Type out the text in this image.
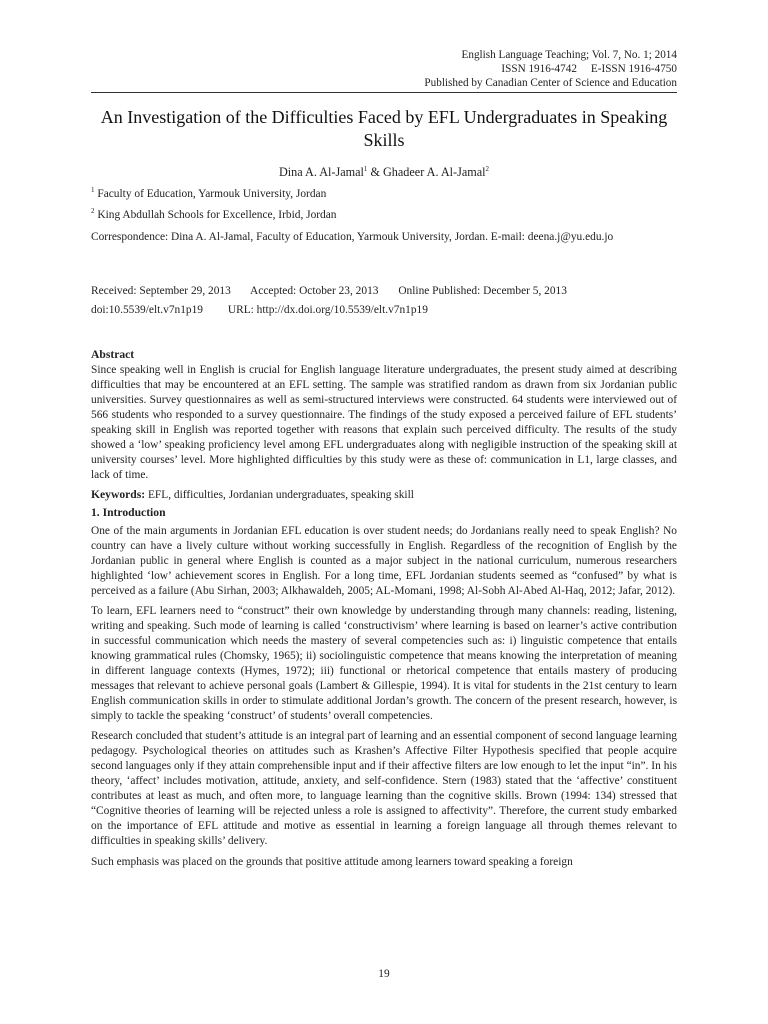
English Language Teaching; Vol. 7, No. 1; 2014
ISSN 1916-4742     E-ISSN 1916-4750
Published by Canadian Center of Science and Education
An Investigation of the Difficulties Faced by EFL Undergraduates in Speaking Skills
Dina A. Al-Jamal$^1$ & Ghadeer A. Al-Jamal$^2$
$^1$ Faculty of Education, Yarmouk University, Jordan
$^2$ King Abdullah Schools for Excellence, Irbid, Jordan
Correspondence: Dina A. Al-Jamal, Faculty of Education, Yarmouk University, Jordan. E-mail: deena.j@yu.edu.jo
Received: September 29, 2013 Accepted: October 23, 2013 Online Published: December 5, 2013
doi:10.5539/elt.v7n1p19 URL: http://dx.doi.org/10.5539/elt.v7n1p19
Abstract

Since speaking well in English is crucial for English language literature undergraduates, the present study aimed at describing difficulties that may be encountered at an EFL setting. The sample was stratified random as drawn from six Jordanian public universities. Survey questionnaires as well as semi-structured interviews were constructed. 64 students were interviewed out of 566 students who responded to a survey questionnaire. The findings of the study exposed a perceived failure of EFL students’ speaking skill in English was reported together with reasons that explain such perceived difficulty. The results of the study showed a ‘low’ speaking proficiency level among EFL undergraduates along with negligible instruction of the speaking skill at university courses’ level. More highlighted difficulties by this study were as these of: communication in L1, large classes, and lack of time.

Keywords: EFL, difficulties, Jordanian undergraduates, speaking skill
1. Introduction

One of the main arguments in Jordanian EFL education is over student needs; do Jordanians really need to speak English? No country can have a lively culture without working successfully in English. Regardless of the recognition of English by the Jordanian public in general where English is counted as a major subject in the national curriculum, numerous researchers highlighted ‘low’ achievement scores in English. For a long time, EFL Jordanian students seemed as “confused” by what is perceived as a failure (Abu Sirhan, 2003; Alkhawaldeh, 2005; AL-Momani, 1998; Al-Sobh Al-Abed Al-Haq, 2012; Jafar, 2012).

To learn, EFL learners need to “construct” their own knowledge by understanding through many channels: reading, listening, writing and speaking. Such mode of learning is called ‘constructivism’ where learning is based on learner’s active contribution in successful communication which needs the mastery of several competencies such as: i) linguistic competence that entails knowing grammatical rules (Chomsky, 1965); ii) sociolinguistic competence that means knowing the interpretation of meaning in different language contexts (Hymes, 1972); iii) functional or rhetorical competence that entails mastery of producing messages that relevant to achieve personal goals (Lambert & Gillespie, 1994). It is vital for students in the 21st century to learn English communication skills in order to stimulate additional Jordan’s growth. The concern of the present research, however, is simply to tackle the speaking ‘construct’ of students’ overall competencies.

Research concluded that student’s attitude is an integral part of learning and an essential component of second language learning pedagogy. Psychological theories on attitudes such as Krashen’s Affective Filter Hypothesis specified that people acquire second languages only if they attain comprehensible input and if their affective filters are low enough to let the input “in”. In his theory, ‘affect’ includes motivation, attitude, anxiety, and self-confidence. Stern (1983) stated that the ‘affective’ constituent contributes at least as much, and often more, to language learning than the cognitive skills. Brown (1994: 134) stressed that “Cognitive theories of learning will be rejected unless a role is assigned to affectivity”. Therefore, the current study embarked on the importance of EFL attitude and motive as essential in learning a foreign language all through themes relevant to difficulties in speaking skills’ delivery.

Such emphasis was placed on the grounds that positive attitude among learners toward speaking a foreign

19
